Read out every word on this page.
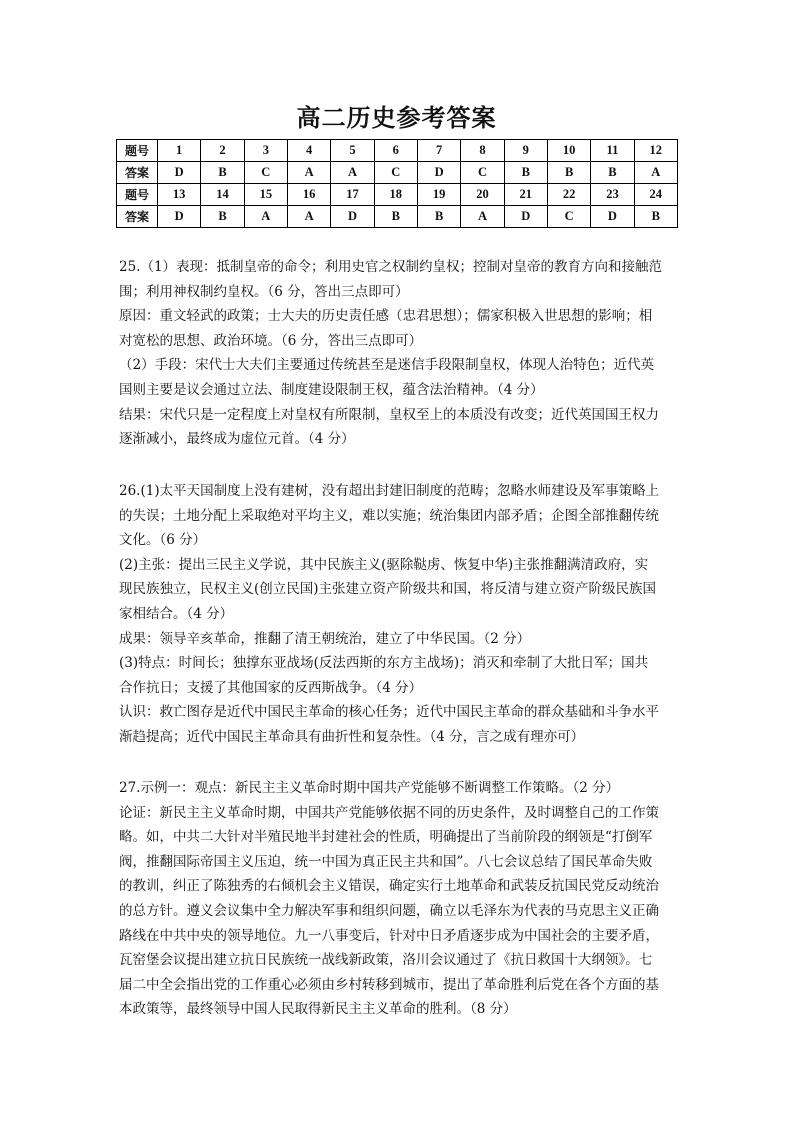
高二历史参考答案
题号	1	2	3	4	5	6	7	8	9	10	11	12
答案	D	B	C	A	A	C	D	C	B	B	B	A
题号	13	14	15	16	17	18	19	20	21	22	23	24
答案	D	B	A	A	D	B	B	A	D	C	D	B

25.（1）表现：抵制皇帝的命令；利用史官之权制约皇权；控制对皇帝的教育方向和接触范

围；利用神权制约皇权。（6 分，答出三点即可）

原因：重文轻武的政策；士大夫的历史责任感（忠君思想）；儒家积极入世思想的影响；相

对宽松的思想、政治环境。（6 分，答出三点即可）

（2）手段：宋代士大夫们主要通过传统甚至是迷信手段限制皇权，体现人治特色；近代英

国则主要是议会通过立法、制度建设限制王权，蕴含法治精神。（4 分）

结果：宋代只是一定程度上对皇权有所限制，皇权至上的本质没有改变；近代英国国王权力

逐渐减小，最终成为虚位元首。（4 分）

26.(1)太平天国制度上没有建树，没有超出封建旧制度的范畴；忽略水师建设及军事策略上

的失误；土地分配上采取绝对平均主义，难以实施；统治集团内部矛盾；企图全部推翻传统

文化。（6 分）

(2)主张：提出三民主义学说，其中民族主义(驱除鞑虏、恢复中华)主张推翻满清政府，实

现民族独立，民权主义(创立民国)主张建立资产阶级共和国，将反清与建立资产阶级民族国

家相结合。（4 分）

成果：领导辛亥革命，推翻了清王朝统治，建立了中华民国。（2 分）

(3)特点：时间长；独撑东亚战场(反法西斯的东方主战场)；消灭和牵制了大批日军；国共

合作抗日；支援了其他国家的反西斯战争。（4 分）

认识：救亡图存是近代中国民主革命的核心任务；近代中国民主革命的群众基础和斗争水平

渐趋提高；近代中国民主革命具有曲折性和复杂性。（4 分，言之成有理亦可）

27.示例一：观点：新民主主义革命时期中国共产党能够不断调整工作策略。（2 分）

论证：新民主主义革命时期，中国共产党能够依据不同的历史条件，及时调整自己的工作策

略。如，中共二大针对半殖民地半封建社会的性质，明确提出了当前阶段的纲领是“打倒军

阀，推翻国际帝国主义压迫，统一中国为真正民主共和国”。八七会议总结了国民革命失败

的教训，纠正了陈独秀的右倾机会主义错误，确定实行土地革命和武装反抗国民党反动统治

的总方针。遵义会议集中全力解决军事和组织问题，确立以毛泽东为代表的马克思主义正确

路线在中共中央的领导地位。九一八事变后，针对中日矛盾逐步成为中国社会的主要矛盾，

瓦窑堡会议提出建立抗日民族统一战线新政策，洛川会议通过了《抗日救国十大纲领》。七

届二中全会指出党的工作重心必须由乡村转移到城市，提出了革命胜利后党在各个方面的基

本政策等，最终领导中国人民取得新民主主义革命的胜利。（8 分）
